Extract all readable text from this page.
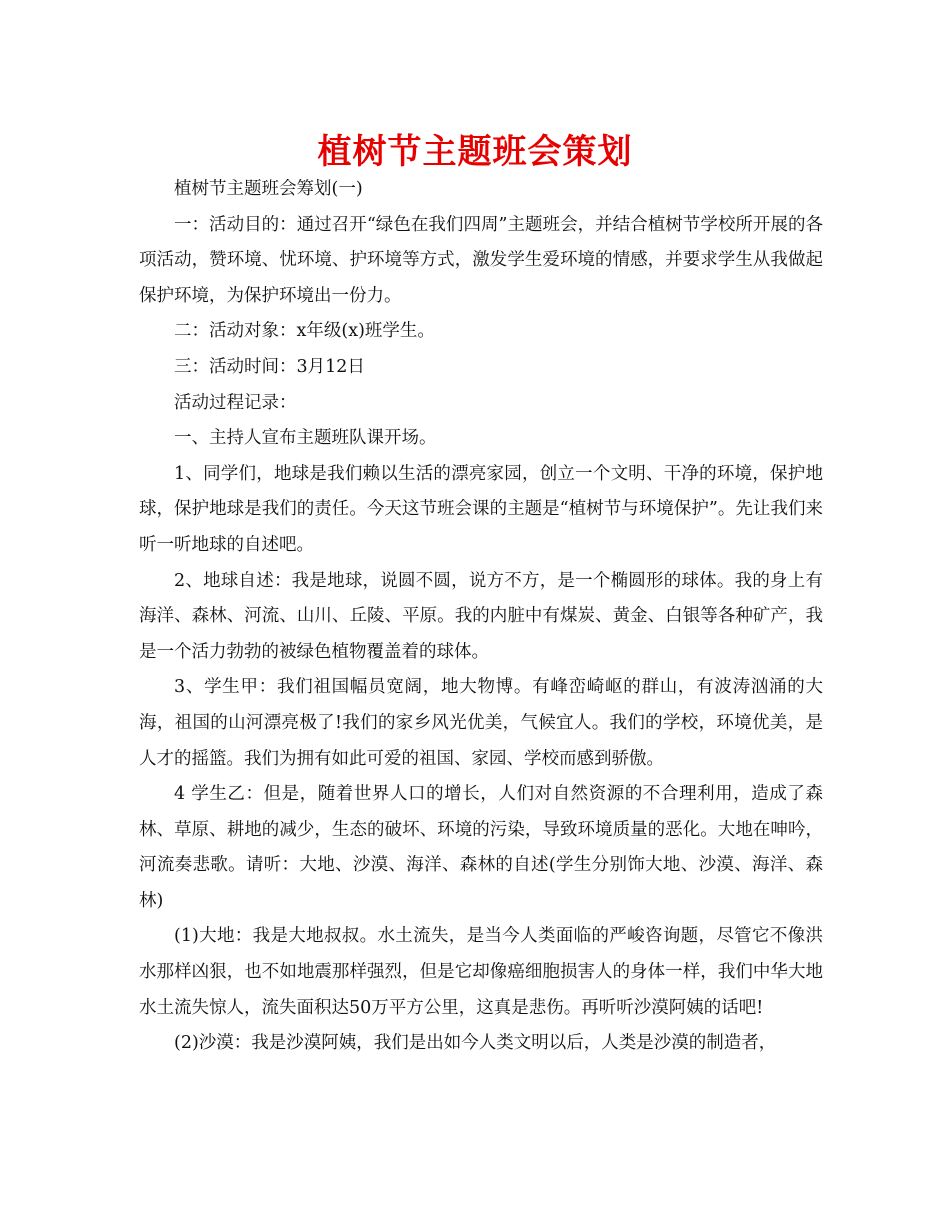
植树节主题班会策划

植树节主题班会筹划(一)

一：活动目的：通过召开“绿色在我们四周”主题班会，并结合植树节学校所开展的各项活动，赞环境、忧环境、护环境等方式，激发学生爱环境的情感，并要求学生从我做起保护环境，为保护环境出一份力。

二：活动对象：x年级(x)班学生。

三：活动时间：3月12日

活动过程记录：

一、主持人宣布主题班队课开场。

1、同学们，地球是我们赖以生活的漂亮家园，创立一个文明、干净的环境，保护地球，保护地球是我们的责任。今天这节班会课的主题是“植树节与环境保护”。先让我们来听一听地球的自述吧。

2、地球自述：我是地球，说圆不圆，说方不方，是一个椭圆形的球体。我的身上有海洋、森林、河流、山川、丘陵、平原。我的内脏中有煤炭、黄金、白银等各种矿产，我是一个活力勃勃的被绿色植物覆盖着的球体。

3、学生甲：我们祖国幅员宽阔，地大物博。有峰峦崎岖的群山，有波涛汹涌的大海，祖国的山河漂亮极了!我们的家乡风光优美，气候宜人。我们的学校，环境优美，是人才的摇篮。我们为拥有如此可爱的祖国、家园、学校而感到骄傲。

4 学生乙：但是，随着世界人口的增长，人们对自然资源的不合理利用，造成了森林、草原、耕地的减少，生态的破坏、环境的污染，导致环境质量的恶化。大地在呻吟，河流奏悲歌。请听：大地、沙漠、海洋、森林的自述(学生分别饰大地、沙漠、海洋、森林)

(1)大地：我是大地叔叔。水土流失，是当今人类面临的严峻咨询题，尽管它不像洪水那样凶狠，也不如地震那样强烈，但是它却像癌细胞损害人的身体一样，我们中华大地水土流失惊人，流失面积达50万平方公里，这真是悲伤。再听听沙漠阿姨的话吧!

(2)沙漠：我是沙漠阿姨，我们是出如今人类文明以后，人类是沙漠的制造者，
